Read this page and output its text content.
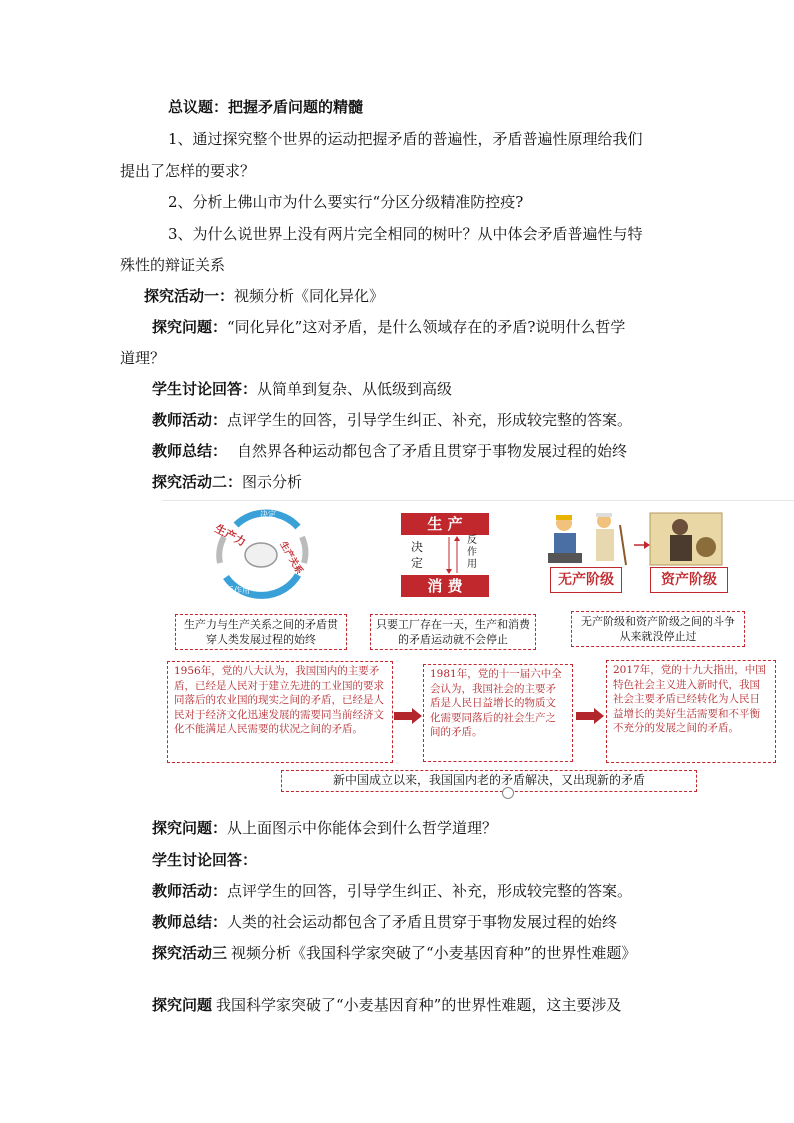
总议题：把握矛盾问题的精髓
1、通过探究整个世界的运动把握矛盾的普遍性，矛盾普遍性原理给我们
提出了怎样的要求？
2、分析上佛山市为什么要实行“分区分级精准防控疫?
3、为什么说世界上没有两片完全相同的树叶？从中体会矛盾普遍性与特
殊性的辩证关系
探究活动一：视频分析《同化异化》
探究问题：“同化异化”这对矛盾，是什么领域存在的矛盾?说明什么哲学
道理？
学生讨论回答：从简单到复杂、从低级到高级
教师活动：点评学生的回答，引导学生纠正、补充，形成较完整的答案。
教师总结： 自然界各种运动都包含了矛盾且贯穿于事物发展过程的始终
探究活动二：图示分析
决定
生产力
生产关系
反作用
生 产
消 费
决定
反作用
无产阶级	资产阶级
生产力与生产关系之间的矛盾贯穿人类发展过程的始终
只要工厂存在一天，生产和消费的矛盾运动就不会停止
无产阶级和资产阶级之间的斗争从来就没停止过
1956年，党的八大认为，我国国内的主要矛盾，已经是人民对于建立先进的工业国的要求同落后的农业国的现实之间的矛盾，已经是人民对于经济文化迅速发展的需要同当前经济文化不能满足人民需要的状况之间的矛盾。
1981年，党的十一届六中全会认为，我国社会的主要矛盾是人民日益增长的物质文化需要同落后的社会生产之间的矛盾。
2017年，党的十九大指出，中国特色社会主义进入新时代，我国社会主要矛盾已经转化为人民日益增长的美好生活需要和不平衡不充分的发展之间的矛盾。
新中国成立以来，我国国内老的矛盾解决，又出现新的矛盾
探究问题：从上面图示中你能体会到什么哲学道理？
学生讨论回答：
教师活动：点评学生的回答，引导学生纠正、补充，形成较完整的答案。
教师总结：人类的社会运动都包含了矛盾且贯穿于事物发展过程的始终
探究活动三 视频分析《我国科学家突破了“小麦基因育种”的世界性难题》
探究问题 我国科学家突破了“小麦基因育种”的世界性难题，这主要涉及
